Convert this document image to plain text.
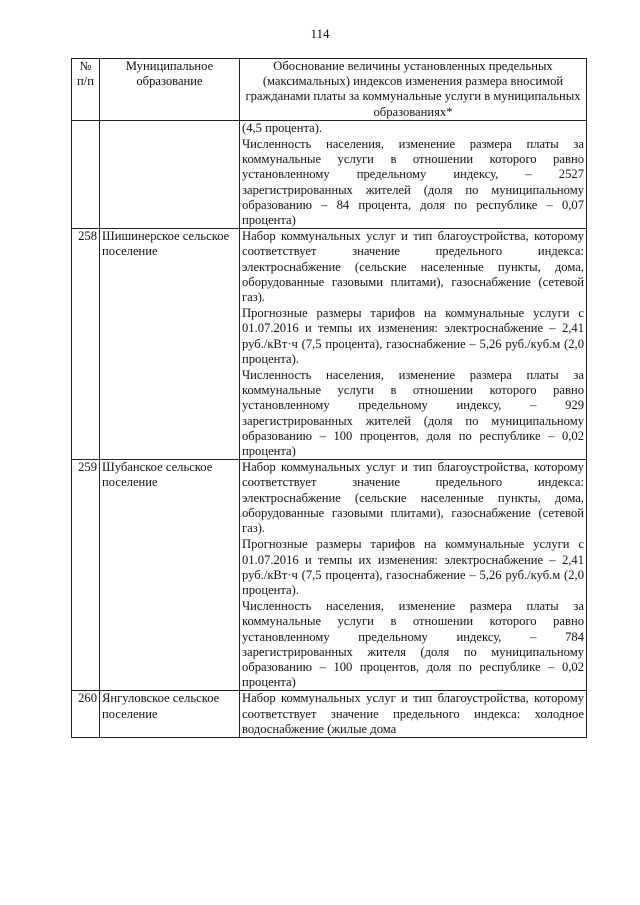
114
№ п/п	Муниципальное образование	Обоснование величины установленных предельных (максимальных) индексов изменения размера вносимой гражданами платы за коммунальные услуги в муниципальных образованиях*

		(4,5 процента).
Численность населения, изменение размера платы за коммунальные услуги в отношении которого равно установленному предельному индексу, – 2527 зарегистрированных жителей (доля по муниципальному образованию – 84 процента, доля по республике – 0,07 процента)

258	Шишинерское сельское поселение	Набор коммунальных услуг и тип благоустройства, которому соответствует значение предельного индекса: электроснабжение (сельские населенные пункты, дома, оборудованные газовыми плитами), газоснабжение (сетевой газ).
Прогнозные размеры тарифов на коммунальные услуги с 01.07.2016 и темпы их изменения: электроснабжение – 2,41 руб./кВт·ч (7,5 процента), газоснабжение – 5,26 руб./куб.м (2,0 процента).
Численность населения, изменение размера платы за коммунальные услуги в отношении которого равно установленному предельному индексу, – 929 зарегистрированных жителей (доля по муниципальному образованию – 100 процентов, доля по республике – 0,02 процента)

259	Шубанское сельское поселение	Набор коммунальных услуг и тип благоустройства, которому соответствует значение предельного индекса: электроснабжение (сельские населенные пункты, дома, оборудованные газовыми плитами), газоснабжение (сетевой газ).
Прогнозные размеры тарифов на коммунальные услуги с 01.07.2016 и темпы их изменения: электроснабжение – 2,41 руб./кВт·ч (7,5 процента), газоснабжение – 5,26 руб./куб.м (2,0 процента).
Численность населения, изменение размера платы за коммунальные услуги в отношении которого равно установленному предельному индексу, – 784 зарегистрированных жителя (доля по муниципальному образованию – 100 процентов, доля по республике – 0,02 процента)

260	Янгуловское сельское поселение	Набор коммунальных услуг и тип благоустройства, которому соответствует значение предельного индекса: холодное водоснабжение (жилые дома
